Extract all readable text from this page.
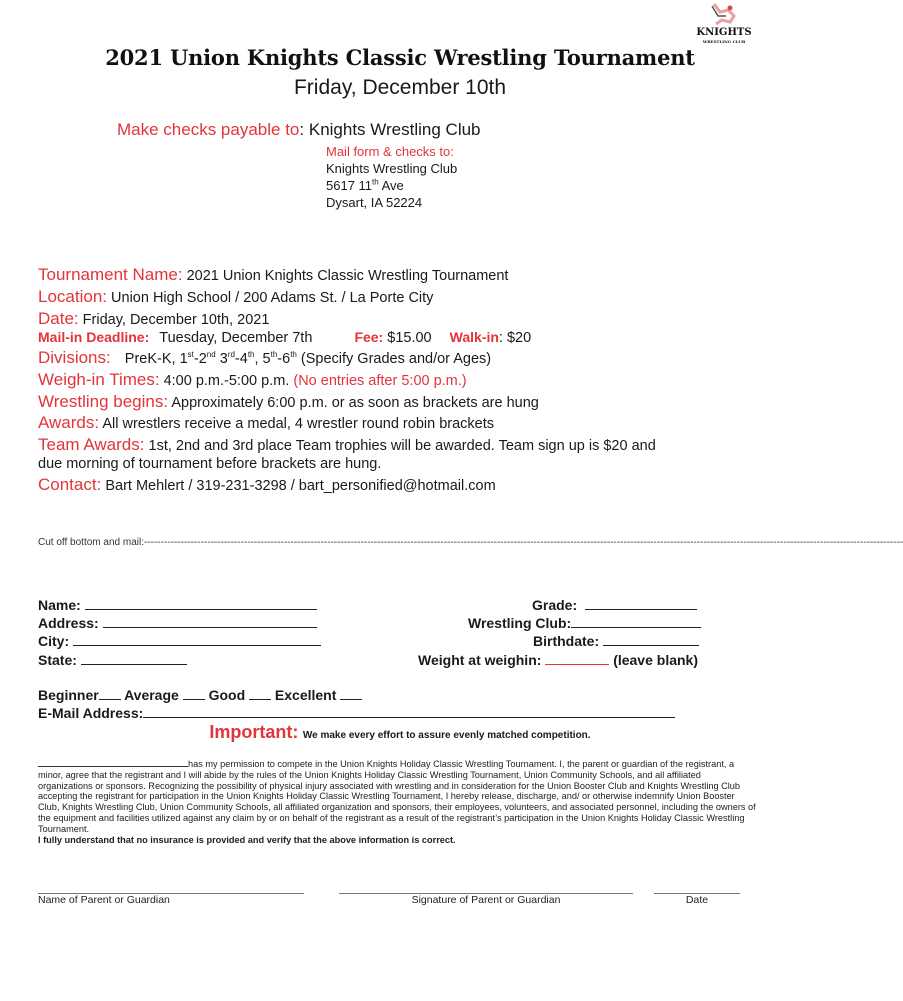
KNIGHTS
WRESTLING CLUB
2021 Union Knights Classic Wrestling Tournament
Friday, December 10th
Make checks payable to: Knights Wrestling Club
Mail form & checks to:
Knights Wrestling Club
5617 11th Ave
Dysart, IA 52224
Tournament Name: 2021 Union Knights Classic Wrestling Tournament
Location: Union High School / 200 Adams St. / La Porte City
Date: Friday, December 10th, 2021
Mail-in Deadline: Tuesday, December 7th	Fee: $15.00 Walk-in: $20
Divisions: PreK-K, 1st-2nd 3rd-4th, 5th-6th (Specify Grades and/or Ages)
Weigh-in Times: 4:00 p.m.-5:00 p.m. (No entries after 5:00 p.m.)
Wrestling begins: Approximately 6:00 p.m. or as soon as brackets are hung
Awards: All wrestlers receive a medal, 4 wrestler round robin brackets
Team Awards: 1st, 2nd and 3rd place Team trophies will be awarded. Team sign up is $20 and
due morning of tournament before brackets are hung.
Contact: Bart Mehlert / 319-231-3298 / bart_personified@hotmail.com
Cut off bottom and mail:------------------------------------------------------------------------------------------------------------------------------------------------------------------------------------------------------------------------------------
Name:
Address:
City:
State:
Grade:
Wrestling Club:
Birthdate:
Weight at weighin:	(leave blank)
Beginner Average Good Excellent
E-Mail Address:
Important: We make every effort to assure evenly matched competition.
has my permission to compete in the Union Knights Holiday Classic Wrestling Tournament. I, the parent or guardian of the registrant, a minor, agree that the registrant and I will abide by the rules of the Union Knights Holiday Classic Wrestling Tournament, Union Community Schools, and all affiliated organizations or sponsors. Recognizing the possibility of physical injury associated with wrestling and in consideration for the Union Booster Club and Knights Wrestling Club accepting the registrant for participation in the Union Knights Holiday Classic Wrestling Tournament, I hereby release, discharge, and/ or otherwise indemnify Union Booster Club, Knights Wrestling Club, Union Community Schools, all affiliated organization and sponsors, their employees, volunteers, and associated personnel, including the owners of the equipment and facilities utilized against any claim by or on behalf of the registrant as a result of the registrant’s participation in the Union Knights Holiday Classic Wrestling Tournament.
I fully understand that no insurance is provided and verify that the above information is correct.
Name of Parent or Guardian	Signature of Parent or Guardian	Date
